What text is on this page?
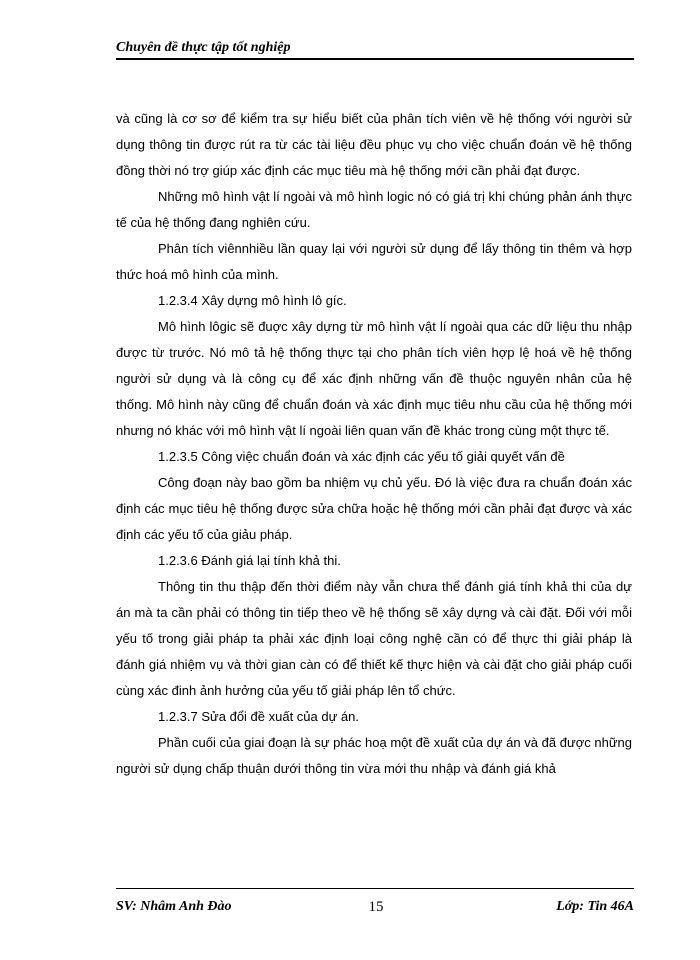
Chuyên đề thực tập tốt nghiệp

và cũng là cơ sơ để kiểm tra sự hiểu biết của phân tích viên về hệ thống với người sử dụng thông tin được rút ra từ các tài liệu đều phục vụ cho việc chuẩn đoán về hệ thống đồng thời nó trợ giúp xác định các mục tiêu mà hệ thống mới cần phải đạt được.

Những mô hình vật lí ngoài và mô hình logic nó có giá trị khi chúng phản ánh thực tế của hệ thống đang nghiên cứu.

Phân tích viênnhiều lần quay lại với người sử dụng để lấy thông tin thêm và hợp thức hoá mô hình của mình.

1.2.3.4 Xây dựng mô hình lô gíc.

Mô hình lôgic sẽ đuợc xây dựng từ mô hình vật lí ngoài qua các dữ liệu thu nhập được từ trước. Nó mô tả hệ thống thực tại cho phân tích viên hợp lệ hoá về hệ thống người sử dụng và là công cụ để xác định những vấn đề thuộc nguyên nhân của hệ thống. Mô hình này cũng để chuẩn đoán và xác định mục tiêu nhu cầu của hệ thống mới nhưng nó khác với mô hình vật lí ngoài liên quan vấn đề khác trong cùng một thực tế.

1.2.3.5 Công việc chuẩn đoán và xác định các yếu tố giải quyết vấn đề

Công đoạn này bao gồm ba nhiệm vụ chủ yếu. Đó là việc đưa ra chuẩn đoán xác định các mục tiêu hệ thống được sửa chữa hoặc hệ thống mới cần phải đạt được và xác định các yếu tố của giảu pháp.

1.2.3.6 Đánh giá lại tính khả thi.

Thông tin thu thập đến thời điểm này vẫn chưa thể đánh giá tính khả thi của dự án mà ta cần phải có thông tin tiếp theo về hệ thống sẽ xây dựng và cài đặt. Đối với mỗi yếu tố trong giải pháp ta phải xác định loại công nghệ cần có để thực thi giải pháp là đánh giá nhiệm vụ và thời gian càn có để thiết kế thực hiện và cài đặt cho giải pháp cuối cùng xác đinh ảnh hưởng của yếu tố giải pháp lên tổ chức.

1.2.3.7 Sửa đổi đề xuất của dự án.

Phần cuối của giai đoạn là sự phác hoạ một đề xuất của dự án và đã được những người sử dụng chấp thuận dưới thông tin vừa mới thu nhập và đánh giá khả

SV: Nhâm Anh Đào	15	Lớp: Tin 46A
